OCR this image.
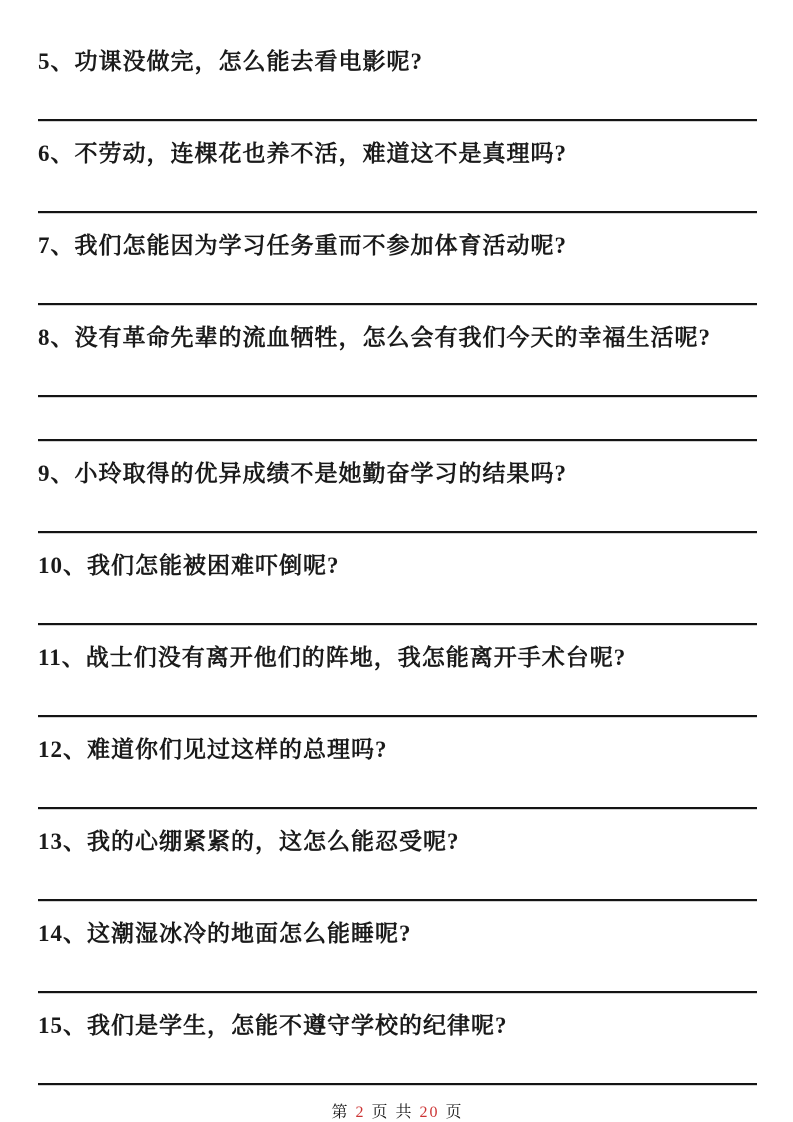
5、功课没做完，怎么能去看电影呢?
6、不劳动，连棵花也养不活，难道这不是真理吗?
7、我们怎能因为学习任务重而不参加体育活动呢?
8、没有革命先辈的流血牺牲，怎么会有我们今天的幸福生活呢?
9、小玲取得的优异成绩不是她勤奋学习的结果吗?
10、我们怎能被困难吓倒呢?
11、战士们没有离开他们的阵地，我怎能离开手术台呢?
12、难道你们见过这样的总理吗?
13、我的心绷紧紧的，这怎么能忍受呢?
14、这潮湿冰冷的地面怎么能睡呢?
15、我们是学生，怎能不遵守学校的纪律呢?
第 2 页 共 20 页
